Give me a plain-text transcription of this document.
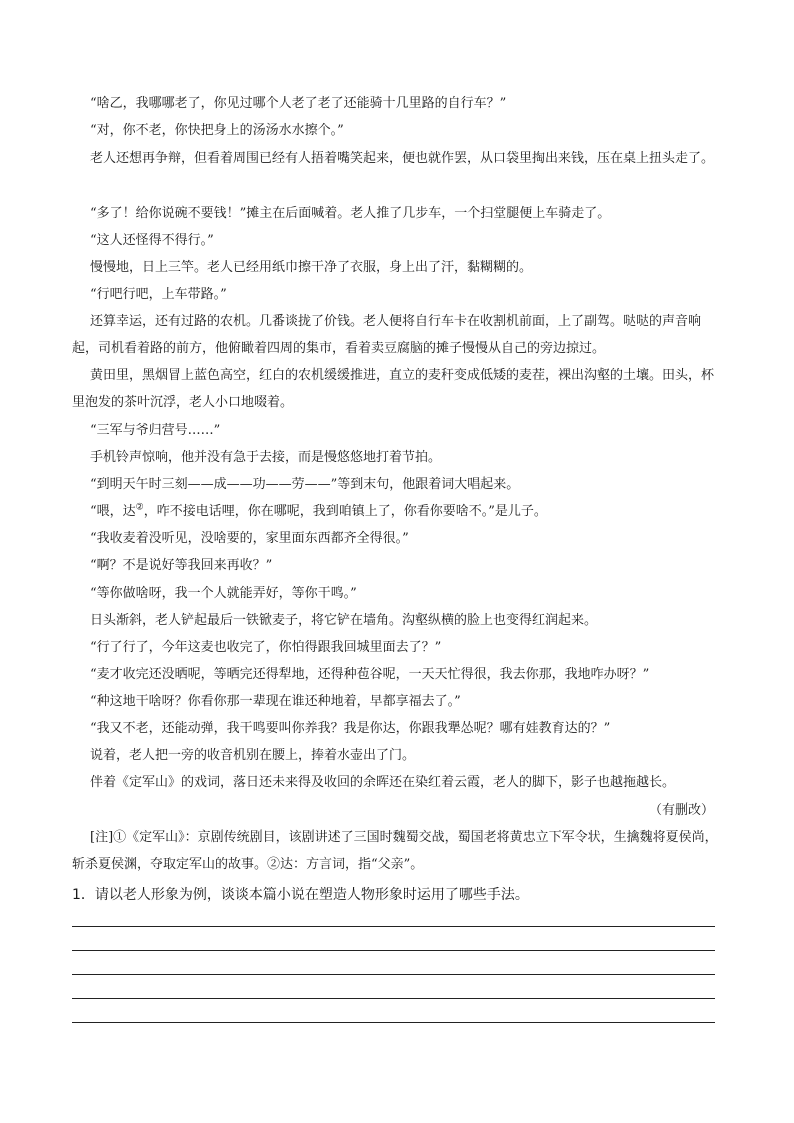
“啥乙，我哪哪老了，你见过哪个人老了老了还能骑十几里路的自行车？”
“对，你不老，你快把身上的汤汤水水擦个。”
老人还想再争辩，但看着周围已经有人捂着嘴笑起来，便也就作罢，从口袋里掏出来钱，压在桌上扭头走了。
“多了！给你说碗不要钱！”摊主在后面喊着。老人推了几步车，一个扫堂腿便上车骑走了。
“这人还怪得不得行。”
慢慢地，日上三竿。老人已经用纸巾擦干净了衣服，身上出了汗，黏糊糊的。
“行吧行吧，上车带路。”
还算幸运，还有过路的农机。几番谈拢了价钱。老人便将自行车卡在收割机前面，上了副驾。哒哒的声音响起，司机看着路的前方，他俯瞰着四周的集市，看着卖豆腐脑的摊子慢慢从自己的旁边掠过。
黄田里，黑烟冒上蓝色高空，红白的农机缓缓推进，直立的麦秆变成低矮的麦茬，裸出沟壑的土壤。田头，杯里泡发的茶叶沉浮，老人小口地啜着。
“三军与爷归营号……”
手机铃声惊响，他并没有急于去接，而是慢悠悠地打着节拍。
“到明天午时三刻——成——功——劳——”等到末句，他跟着词大唱起来。
“喂，达②，咋不接电话哩，你在哪呢，我到咱镇上了，你看你要啥不。”是儿子。
“我收麦着没听见，没啥要的，家里面东西都齐全得很。”
“啊？不是说好等我回来再收？”
“等你做啥呀，我一个人就能弄好，等你干鸣。”
日头渐斜，老人铲起最后一铁锨麦子，将它铲在墙角。沟壑纵横的脸上也变得红润起来。
“行了行了，今年这麦也收完了，你怕得跟我回城里面去了？”
“麦才收完还没晒呢，等晒完还得犁地，还得种苞谷呢，一天天忙得很，我去你那，我地咋办呀？”
“种这地干啥呀？你看你那一辈现在谁还种地着，早都享福去了。”
“我又不老，还能动弹，我干鸣要叫你养我？我是你达，你跟我犟怂呢？哪有娃教育达的？”
说着，老人把一旁的收音机别在腰上，捧着水壶出了门。
伴着《定军山》的戏词，落日还未来得及收回的余晖还在染红着云霞，老人的脚下，影子也越拖越长。
（有删改）
[注]①《定军山》：京剧传统剧目，该剧讲述了三国时魏蜀交战，蜀国老将黄忠立下军令状，生擒魏将夏侯尚，斩杀夏侯渊，夺取定军山的故事。②达：方言词，指“父亲”。
1．请以老人形象为例，谈谈本篇小说在塑造人物形象时运用了哪些手法。
